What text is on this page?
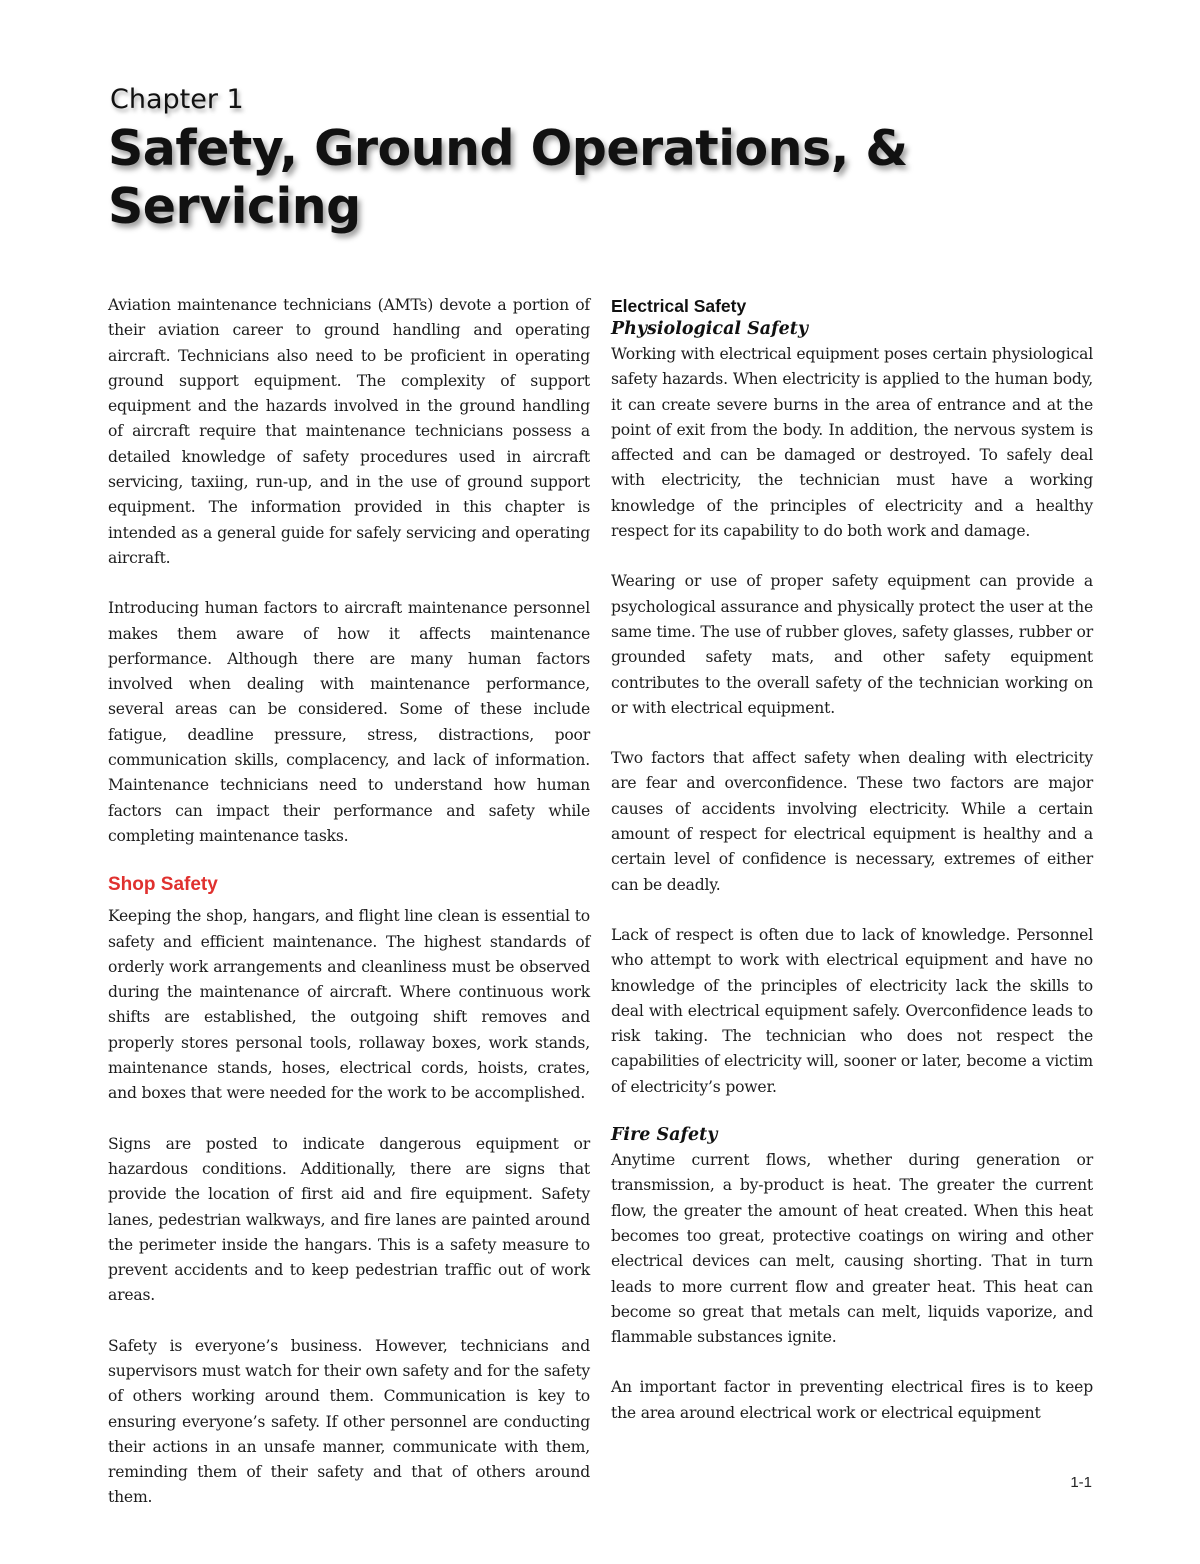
Chapter 1
Safety, Ground Operations, & Servicing

Aviation maintenance technicians (AMTs) devote a portion of their aviation career to ground handling and operating aircraft. Technicians also need to be proficient in operating ground support equipment. The complexity of support equipment and the hazards involved in the ground handling of aircraft require that maintenance technicians possess a detailed knowledge of safety procedures used in aircraft servicing, taxiing, run-up, and in the use of ground support equipment. The information provided in this chapter is intended as a general guide for safely servicing and operating aircraft.

Introducing human factors to aircraft maintenance personnel makes them aware of how it affects maintenance performance. Although there are many human factors involved when dealing with maintenance performance, several areas can be considered. Some of these include fatigue, deadline pressure, stress, distractions, poor communication skills, complacency, and lack of information. Maintenance technicians need to understand how human factors can impact their performance and safety while completing maintenance tasks.

Shop Safety

Keeping the shop, hangars, and flight line clean is essential to safety and efficient maintenance. The highest standards of orderly work arrangements and cleanliness must be observed during the maintenance of aircraft. Where continuous work shifts are established, the outgoing shift removes and properly stores personal tools, rollaway boxes, work stands, maintenance stands, hoses, electrical cords, hoists, crates, and boxes that were needed for the work to be accomplished.

Signs are posted to indicate dangerous equipment or hazardous conditions. Additionally, there are signs that provide the location of first aid and fire equipment. Safety lanes, pedestrian walkways, and fire lanes are painted around the perimeter inside the hangars. This is a safety measure to prevent accidents and to keep pedestrian traffic out of work areas.

Safety is everyone’s business. However, technicians and supervisors must watch for their own safety and for the safety of others working around them. Communication is key to ensuring everyone’s safety. If other personnel are conducting their actions in an unsafe manner, communicate with them, reminding them of their safety and that of others around them.

Electrical Safety
Physiological Safety

Working with electrical equipment poses certain physiological safety hazards. When electricity is applied to the human body, it can create severe burns in the area of entrance and at the point of exit from the body. In addition, the nervous system is affected and can be damaged or destroyed. To safely deal with electricity, the technician must have a working knowledge of the principles of electricity and a healthy respect for its capability to do both work and damage.

Wearing or use of proper safety equipment can provide a psychological assurance and physically protect the user at the same time. The use of rubber gloves, safety glasses, rubber or grounded safety mats, and other safety equipment contributes to the overall safety of the technician working on or with electrical equipment.

Two factors that affect safety when dealing with electricity are fear and overconfidence. These two factors are major causes of accidents involving electricity. While a certain amount of respect for electrical equipment is healthy and a certain level of confidence is necessary, extremes of either can be deadly.

Lack of respect is often due to lack of knowledge. Personnel who attempt to work with electrical equipment and have no knowledge of the principles of electricity lack the skills to deal with electrical equipment safely. Overconfidence leads to risk taking. The technician who does not respect the capabilities of electricity will, sooner or later, become a victim of electricity’s power.

Fire Safety

Anytime current flows, whether during generation or transmission, a by-product is heat. The greater the current flow, the greater the amount of heat created. When this heat becomes too great, protective coatings on wiring and other electrical devices can melt, causing shorting. That in turn leads to more current flow and greater heat. This heat can become so great that metals can melt, liquids vaporize, and flammable substances ignite.

An important factor in preventing electrical fires is to keep the area around electrical work or electrical equipment

1-1
